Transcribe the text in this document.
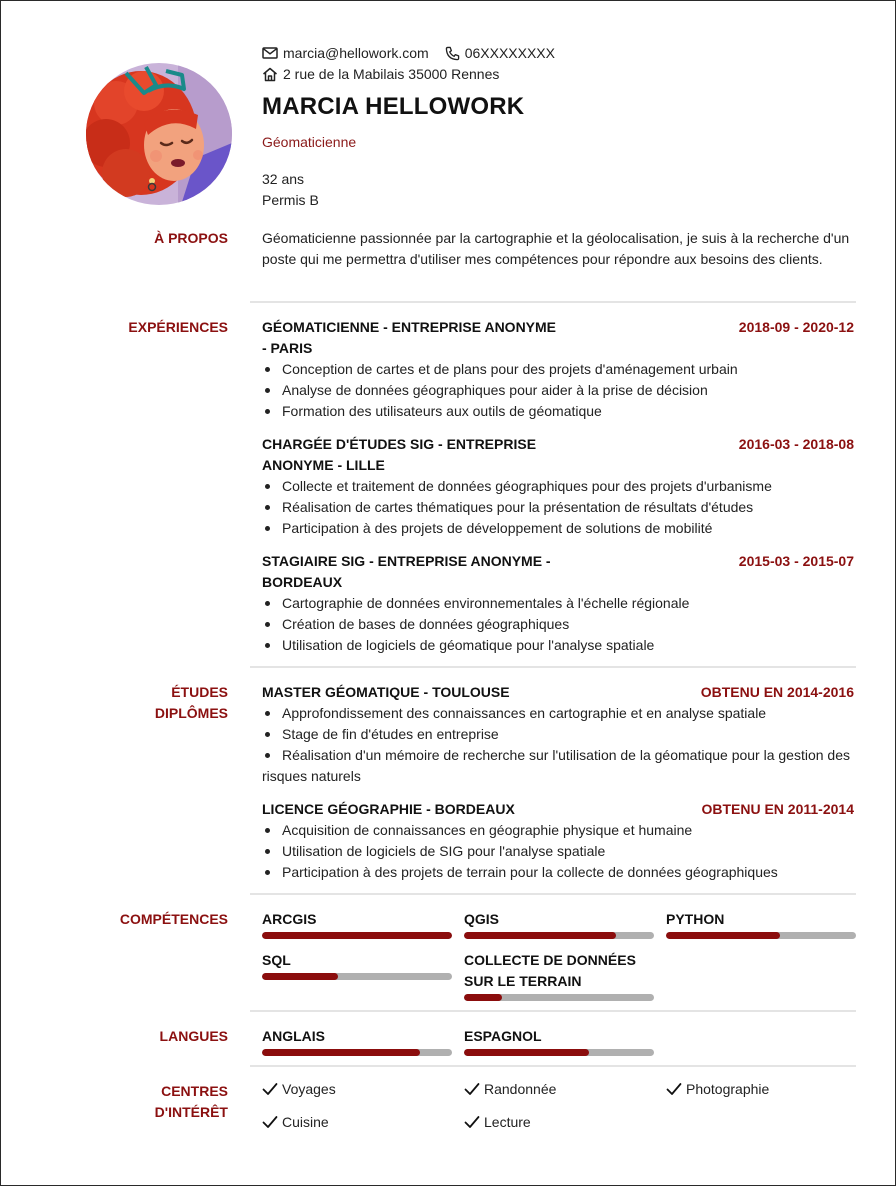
marcia@hellowork.com	06XXXXXXXX
2 rue de la Mabilais 35000 Rennes
MARCIA HELLOWORK
Géomaticienne
32 ans
Permis B
À PROPOS Géomaticienne passionnée par la cartographie et la géolocalisation, je suis à la recherche d'un poste qui me permettra d'utiliser mes compétences pour répondre aux besoins des clients.
EXPÉRIENCES GÉOMATICIENNE - ENTREPRISE ANONYME
- PARIS
2018-09 - 2020-12
Conception de cartes et de plans pour des projets d'aménagement urbain
Analyse de données géographiques pour aider à la prise de décision
Formation des utilisateurs aux outils de géomatique
CHARGÉE D'ÉTUDES SIG - ENTREPRISE
ANONYME - LILLE
2016-03 - 2018-08
Collecte et traitement de données géographiques pour des projets d'urbanisme
Réalisation de cartes thématiques pour la présentation de résultats d'études
Participation à des projets de développement de solutions de mobilité
STAGIAIRE SIG - ENTREPRISE ANONYME -
BORDEAUX
2015-03 - 2015-07
Cartographie de données environnementales à l'échelle régionale
Création de bases de données géographiques
Utilisation de logiciels de géomatique pour l'analyse spatiale
ÉTUDES
DIPLÔMES
MASTER GÉOMATIQUE - TOULOUSE	OBTENU EN 2014-2016
Approfondissement des connaissances en cartographie et en analyse spatiale
Stage de fin d'études en entreprise
Réalisation d'un mémoire de recherche sur l'utilisation de la géomatique pour la gestion des risques naturels
LICENCE GÉOGRAPHIE - BORDEAUX	OBTENU EN 2011-2014
Acquisition de connaissances en géographie physique et humaine
Utilisation de logiciels de SIG pour l'analyse spatiale
Participation à des projets de terrain pour la collecte de données géographiques
COMPÉTENCES ARCGIS	QGIS	PYTHON
SQL	COLLECTE DE DONNÉES
SUR LE TERRAIN
LANGUES ANGLAIS	ESPAGNOL
CENTRES
D'INTÉRÊT
Voyages	Randonnée	Photographie
Cuisine	Lecture
